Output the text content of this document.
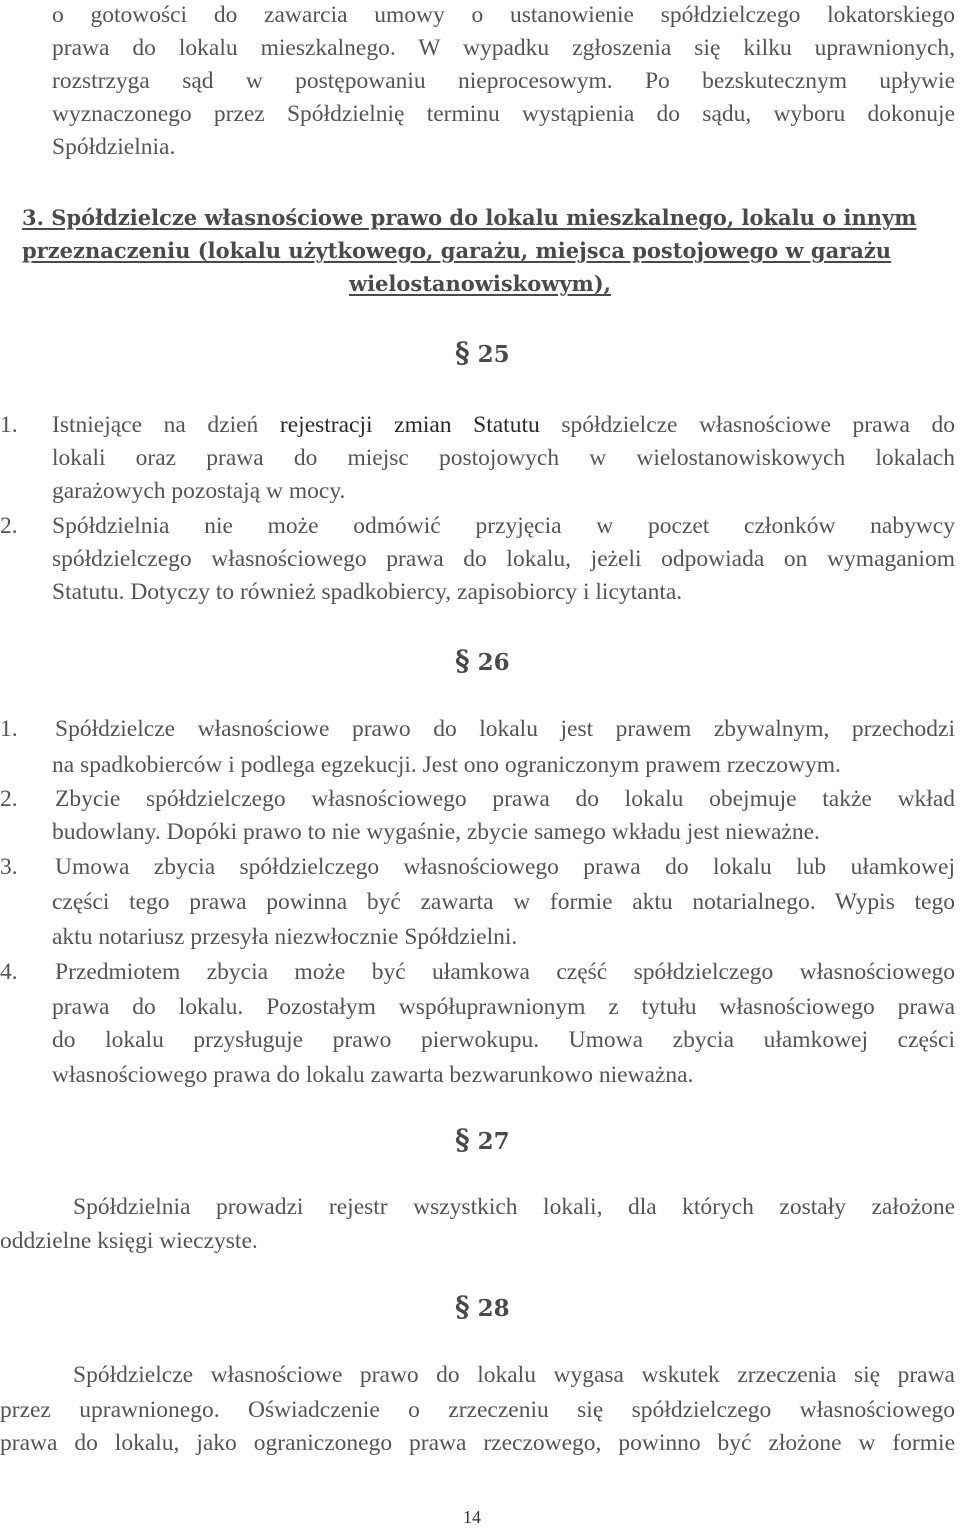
o gotowości do zawarcia umowy o ustanowienie spółdzielczego lokatorskiego
prawa do lokalu mieszkalnego. W wypadku zgłoszenia się kilku uprawnionych,
rozstrzyga sąd w postępowaniu nieprocesowym. Po bezskutecznym upływie
wyznaczonego przez Spółdzielnię terminu wystąpienia do sądu, wyboru dokonuje
Spółdzielnia.
3. Spółdzielcze własnościowe prawo do lokalu mieszkalnego, lokalu o innym
przeznaczeniu (lokalu użytkowego, garażu, miejsca postojowego w garażu
wielostanowiskowym),
§ 25
1. Istniejące na dzień rejestracji zmian Statutu spółdzielcze własnościowe prawa do
lokali oraz prawa do miejsc postojowych w wielostanowiskowych lokalach
garażowych pozostają w mocy.
2. Spółdzielnia nie może odmówić przyjęcia w poczet członków nabywcy
spółdzielczego własnościowego prawa do lokalu, jeżeli odpowiada on wymaganiom
Statutu. Dotyczy to również spadkobiercy, zapisobiorcy i licytanta.
§ 26
1. Spółdzielcze własnościowe prawo do lokalu jest prawem zbywalnym, przechodzi
na spadkobierców i podlega egzekucji. Jest ono ograniczonym prawem rzeczowym.
2. Zbycie spółdzielczego własnościowego prawa do lokalu obejmuje także wkład
budowlany. Dopóki prawo to nie wygaśnie, zbycie samego wkładu jest nieważne.
3. Umowa zbycia spółdzielczego własnościowego prawa do lokalu lub ułamkowej
części tego prawa powinna być zawarta w formie aktu notarialnego. Wypis tego
aktu notariusz przesyła niezwłocznie Spółdzielni.
4. Przedmiotem zbycia może być ułamkowa część spółdzielczego własnościowego
prawa do lokalu. Pozostałym współuprawnionym z tytułu własnościowego prawa
do lokalu przysługuje prawo pierwokupu. Umowa zbycia ułamkowej części
własnościowego prawa do lokalu zawarta bezwarunkowo nieważna.
§ 27
Spółdzielnia prowadzi rejestr wszystkich lokali, dla których zostały założone
oddzielne księgi wieczyste.
§ 28
Spółdzielcze własnościowe prawo do lokalu wygasa wskutek zrzeczenia się prawa
przez uprawnionego. Oświadczenie o zrzeczeniu się spółdzielczego własnościowego
prawa do lokalu, jako ograniczonego prawa rzeczowego, powinno być złożone w formie
14
